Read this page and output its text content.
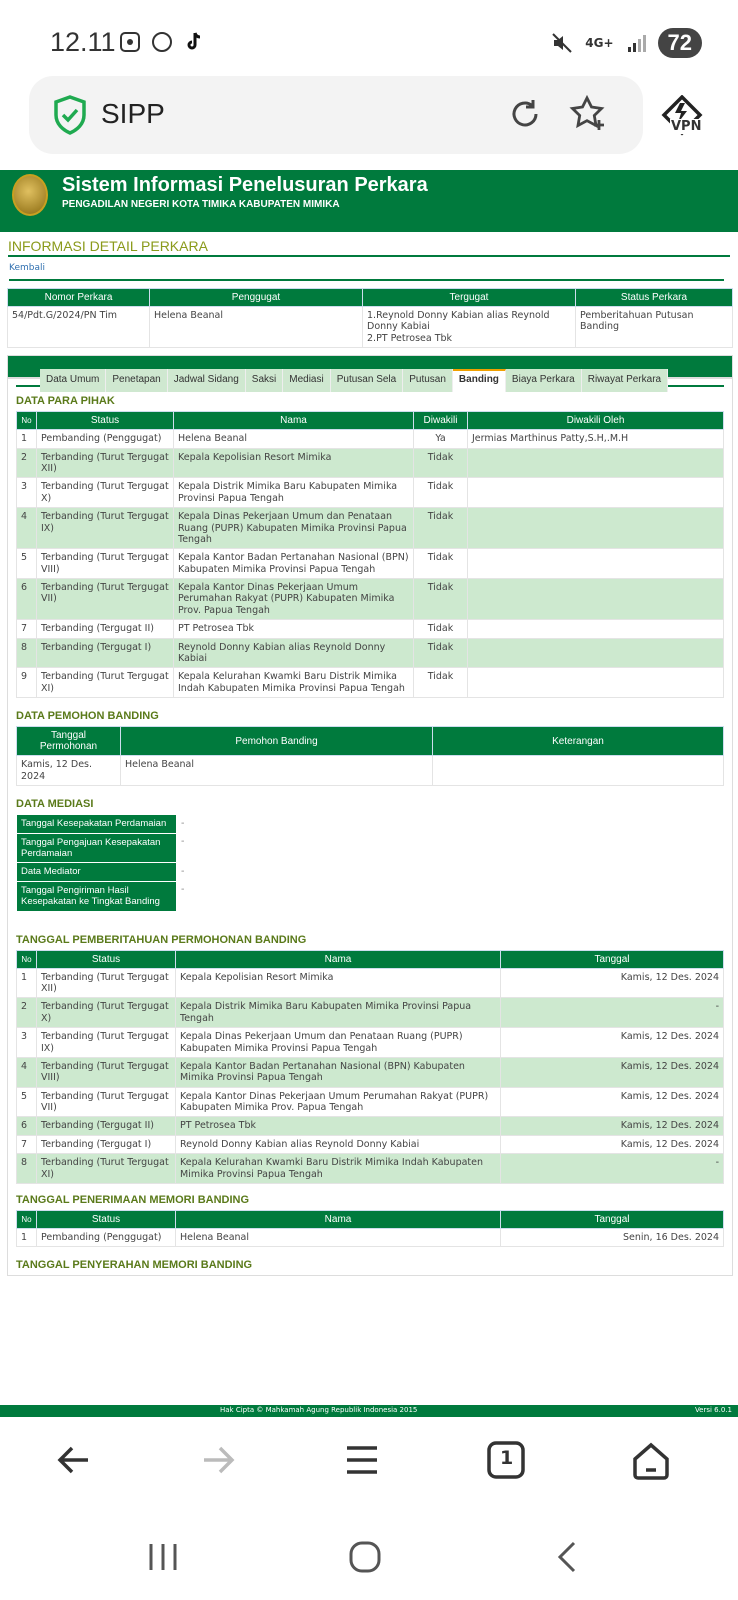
12.11	4G+	72
SIPP	VPN
Sistem Informasi Penelusuran Perkara
PENGADILAN NEGERI KOTA TIMIKA KABUPATEN MIMIKA
INFORMASI DETAIL PERKARA
Kembali
Nomor Perkara	Penggugat	Tergugat	Status Perkara
54/Pdt.G/2024/PN Tim	Helena Beanal	1.Reynold Donny Kabian alias Reynold Donny Kabiai
2.PT Petrosea Tbk	Pemberitahuan Putusan Banding
Data Umum	Penetapan	Jadwal Sidang	Saksi	Mediasi	Putusan Sela	Putusan	Banding	Biaya Perkara	Riwayat Perkara
DATA PARA PIHAK
No	Status	Nama	Diwakili	Diwakili Oleh
1	Pembanding (Penggugat)	Helena Beanal	Ya	Jermias Marthinus Patty,S.H,.M.H
2	Terbanding (Turut Tergugat XII)	Kepala Kepolisian Resort Mimika	Tidak	
3	Terbanding (Turut Tergugat X)	Kepala Distrik Mimika Baru Kabupaten Mimika Provinsi Papua Tengah	Tidak	
4	Terbanding (Turut Tergugat IX)	Kepala Dinas Pekerjaan Umum dan Penataan Ruang (PUPR) Kabupaten Mimika Provinsi Papua Tengah	Tidak	
5	Terbanding (Turut Tergugat VIII)	Kepala Kantor Badan Pertanahan Nasional (BPN) Kabupaten Mimika Provinsi Papua Tengah	Tidak	
6	Terbanding (Turut Tergugat VII)	Kepala Kantor Dinas Pekerjaan Umum Perumahan Rakyat (PUPR) Kabupaten Mimika Prov. Papua Tengah	Tidak	
7	Terbanding (Tergugat II)	PT Petrosea Tbk	Tidak	
8	Terbanding (Tergugat I)	Reynold Donny Kabian alias Reynold Donny Kabiai	Tidak	
9	Terbanding (Turut Tergugat XI)	Kepala Kelurahan Kwamki Baru Distrik Mimika Indah Kabupaten Mimika Provinsi Papua Tengah	Tidak	
DATA PEMOHON BANDING
Tanggal Permohonan	Pemohon Banding	Keterangan
Kamis, 12 Des. 2024	Helena Beanal	
DATA MEDIASI
Tanggal Kesepakatan Perdamaian	-
Tanggal Pengajuan Kesepakatan Perdamaian	-
Data Mediator	-
Tanggal Pengiriman Hasil Kesepakatan ke Tingkat Banding	-
TANGGAL PEMBERITAHUAN PERMOHONAN BANDING
No	Status	Nama	Tanggal
1	Terbanding (Turut Tergugat XII)	Kepala Kepolisian Resort Mimika	Kamis, 12 Des. 2024
2	Terbanding (Turut Tergugat X)	Kepala Distrik Mimika Baru Kabupaten Mimika Provinsi Papua Tengah	-
3	Terbanding (Turut Tergugat IX)	Kepala Dinas Pekerjaan Umum dan Penataan Ruang (PUPR) Kabupaten Mimika Provinsi Papua Tengah	Kamis, 12 Des. 2024
4	Terbanding (Turut Tergugat VIII)	Kepala Kantor Badan Pertanahan Nasional (BPN) Kabupaten Mimika Provinsi Papua Tengah	Kamis, 12 Des. 2024
5	Terbanding (Turut Tergugat VII)	Kepala Kantor Dinas Pekerjaan Umum Perumahan Rakyat (PUPR) Kabupaten Mimika Prov. Papua Tengah	Kamis, 12 Des. 2024
6	Terbanding (Tergugat II)	PT Petrosea Tbk	Kamis, 12 Des. 2024
7	Terbanding (Tergugat I)	Reynold Donny Kabian alias Reynold Donny Kabiai	Kamis, 12 Des. 2024
8	Terbanding (Turut Tergugat XI)	Kepala Kelurahan Kwamki Baru Distrik Mimika Indah Kabupaten Mimika Provinsi Papua Tengah	-
TANGGAL PENERIMAAN MEMORI BANDING
No	Status	Nama	Tanggal
1	Pembanding (Penggugat)	Helena Beanal	Senin, 16 Des. 2024
TANGGAL PENYERAHAN MEMORI BANDING
Hak Cipta © Mahkamah Agung Republik Indonesia 2015	Versi 6.0.1
1
